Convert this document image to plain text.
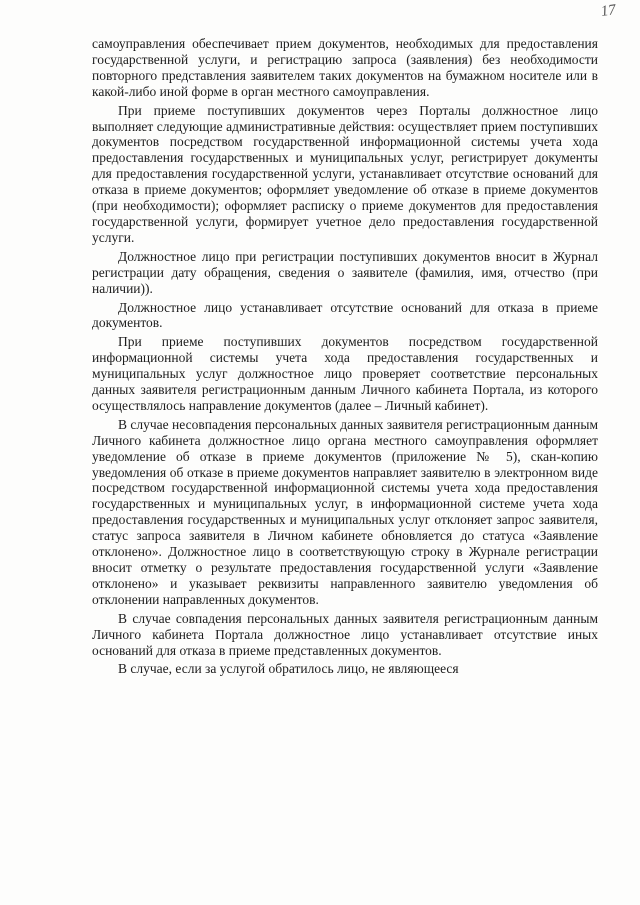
17

самоуправления обеспечивает прием документов, необходимых для предоставления государственной услуги, и регистрацию запроса (заявления) без необходимости повторного представления заявителем таких документов на бумажном носителе или в какой-либо иной форме в орган местного самоуправления.

При приеме поступивших документов через Порталы должностное лицо выполняет следующие административные действия: осуществляет прием поступивших документов посредством государственной информационной системы учета хода предоставления государственных и муниципальных услуг, регистрирует документы для предоставления государственной услуги, устанавливает отсутствие оснований для отказа в приеме документов; оформляет уведомление об отказе в приеме документов (при необходимости); оформляет расписку о приеме документов для предоставления государственной услуги, формирует учетное дело предоставления государственной услуги.

Должностное лицо при регистрации поступивших документов вносит в Журнал регистрации дату обращения, сведения о заявителе (фамилия, имя, отчество (при наличии)).

Должностное лицо устанавливает отсутствие оснований для отказа в приеме документов.

При приеме поступивших документов посредством государственной информационной системы учета хода предоставления государственных и муниципальных услуг должностное лицо проверяет соответствие персональных данных заявителя регистрационным данным Личного кабинета Портала, из которого осуществлялось направление документов (далее – Личный кабинет).

В случае несовпадения персональных данных заявителя регистрационным данным Личного кабинета должностное лицо органа местного самоуправления оформляет уведомление об отказе в приеме документов (приложение № 5), скан-копию уведомления об отказе в приеме документов направляет заявителю в электронном виде посредством государственной информационной системы учета хода предоставления государственных и муниципальных услуг, в информационной системе учета хода предоставления государственных и муниципальных услуг отклоняет запрос заявителя, статус запроса заявителя в Личном кабинете обновляется до статуса «Заявление отклонено». Должностное лицо в соответствующую строку в Журнале регистрации вносит отметку о результате предоставления государственной услуги «Заявление отклонено» и указывает реквизиты направленного заявителю уведомления об отклонении направленных документов.

В случае совпадения персональных данных заявителя регистрационным данным Личного кабинета Портала должностное лицо устанавливает отсутствие иных оснований для отказа в приеме представленных документов.

В случае, если за услугой обратилось лицо, не являющееся
